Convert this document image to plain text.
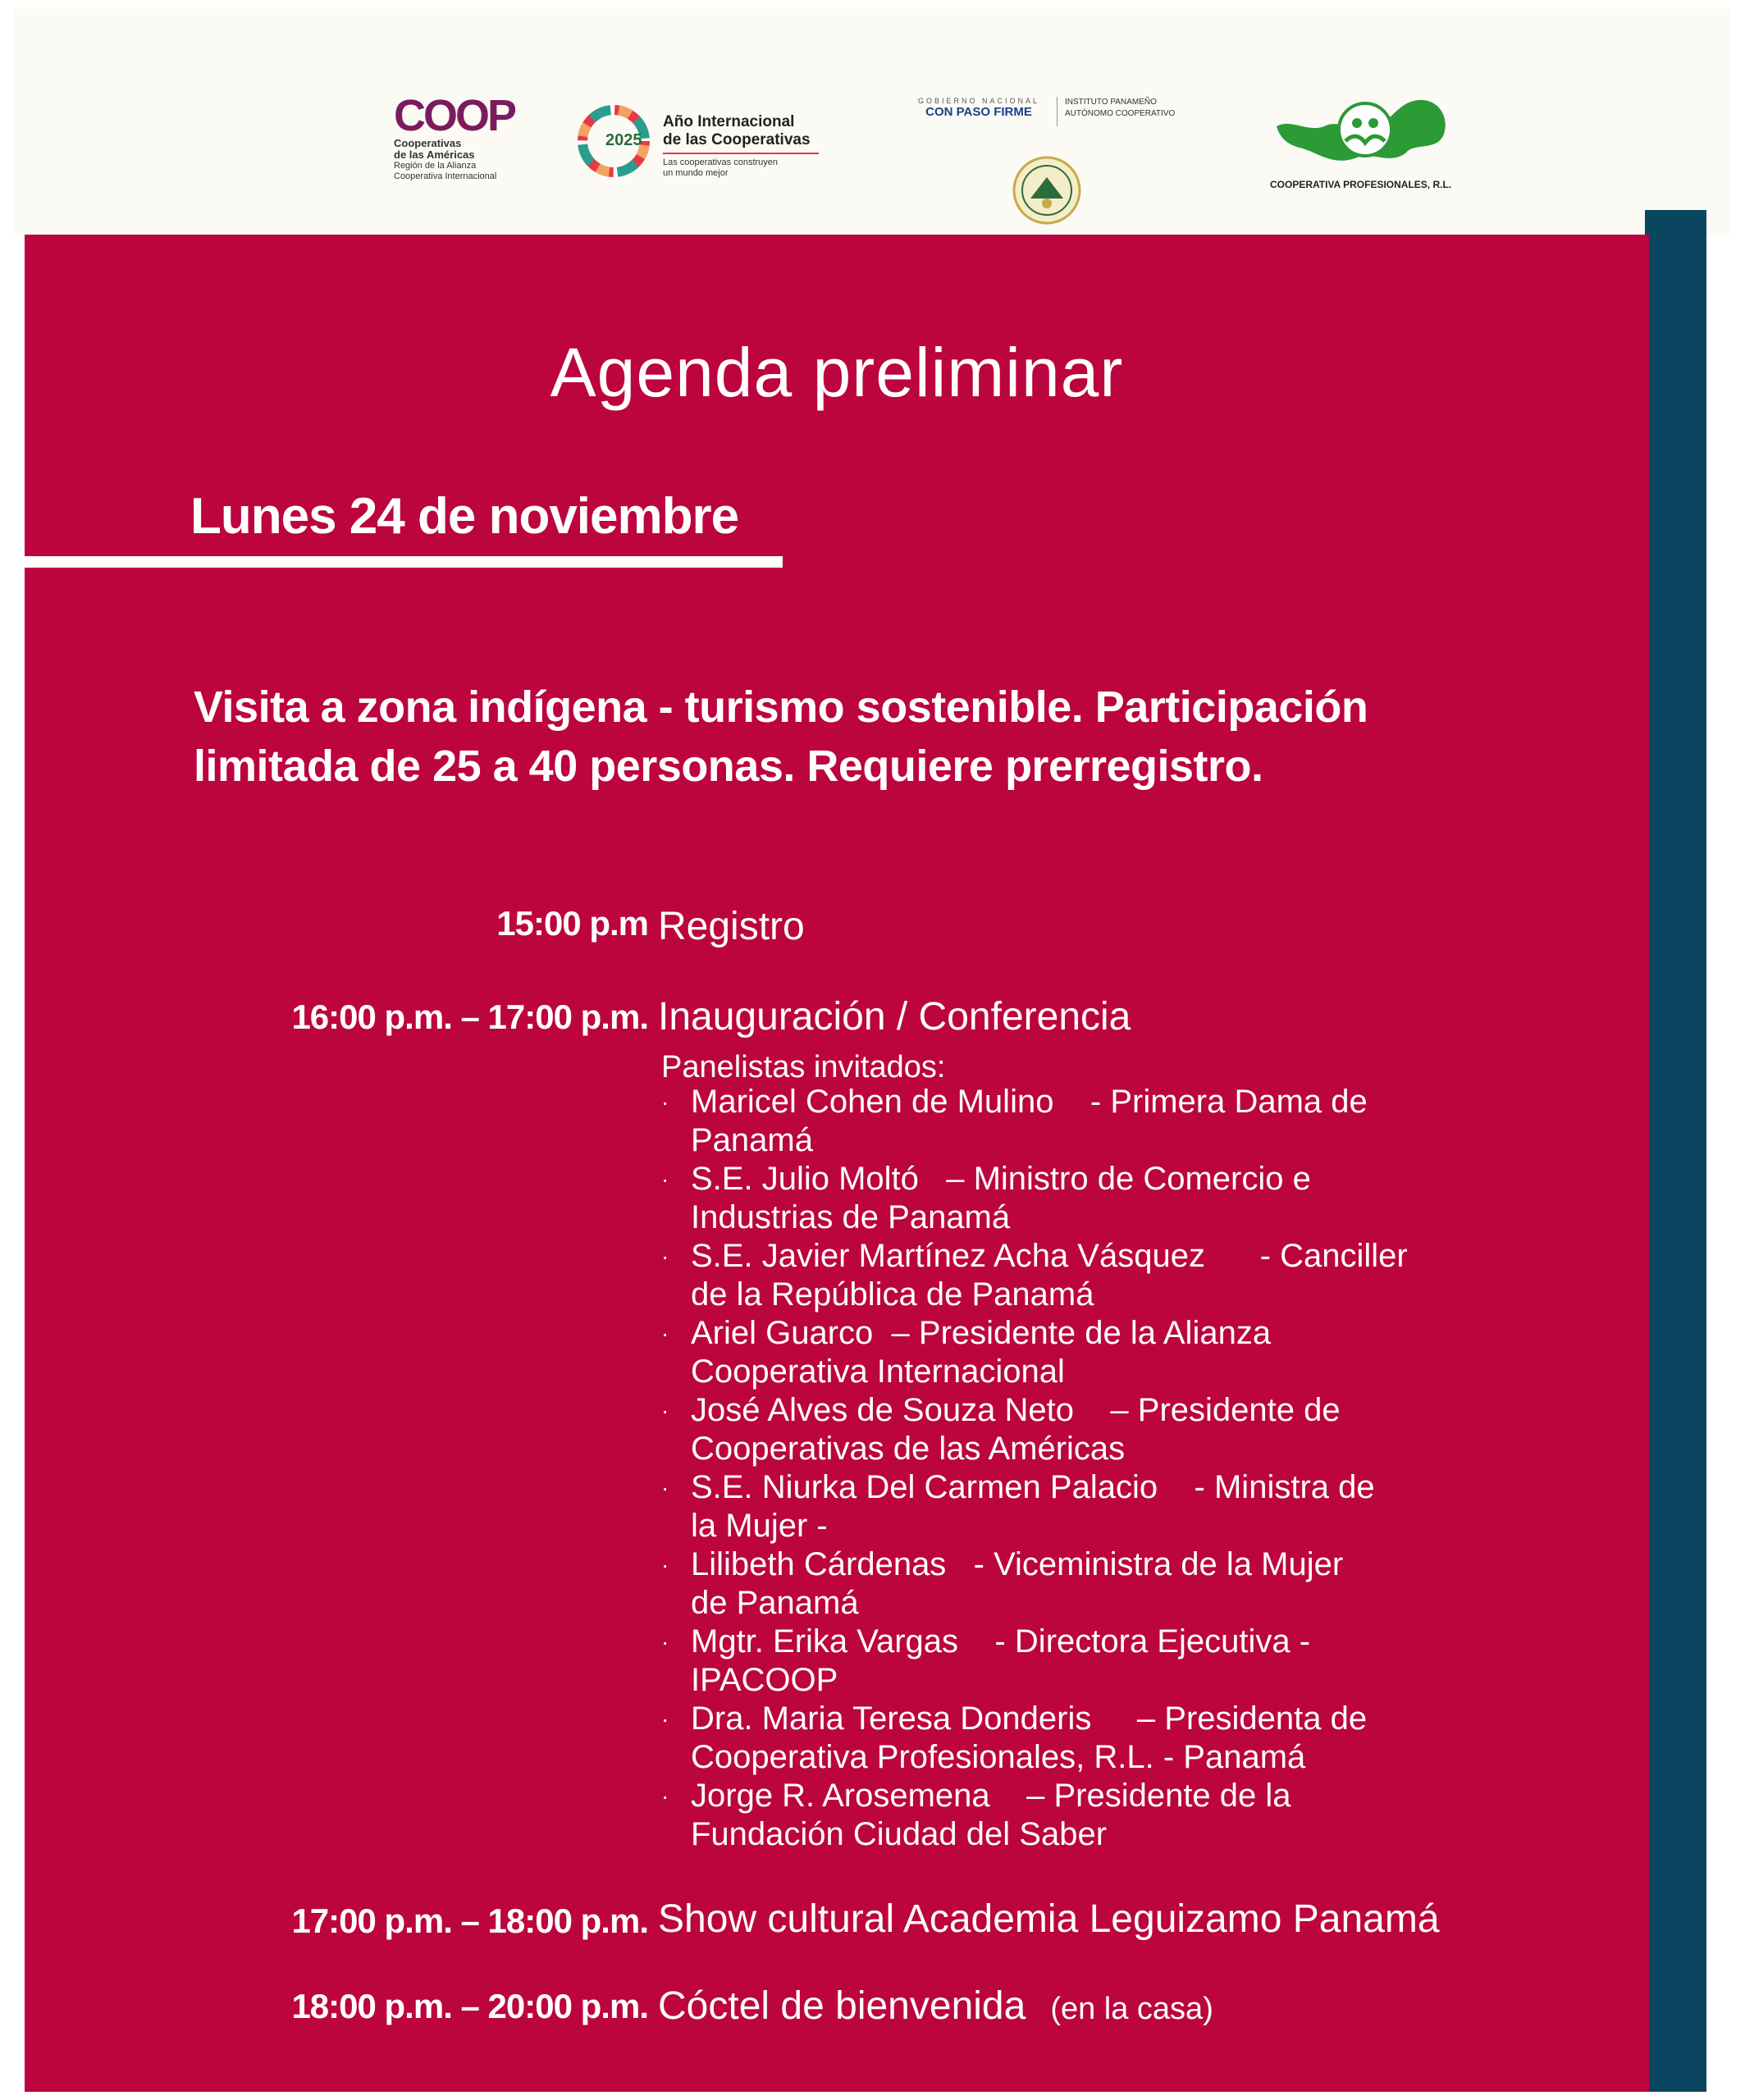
COOP
Cooperativas
de las Américas
Región de la Alianza
Cooperativa Internacional
2025
Año Internacional
de las Cooperativas
Las cooperativas construyen
un mundo mejor
GOBIERNO NACIONAL
CON PASO FIRME
INSTITUTO PANAMEÑO
AUTÓNOMO COOPERATIVO
COOPERATIVA PROFESIONALES, R.L.
Agenda preliminar
Lunes 24 de noviembre
Visita a zona indígena - turismo sostenible. Participación
limitada de 25 a 40 personas. Requiere prerregistro.
15:00 p.m Registro
16:00 p.m. – 17:00 p.m. Inauguración / Conferencia
Panelistas invitados:
· Maricel Cohen de Mulino    - Primera Dama de
Panamá
· S.E. Julio Moltó   – Ministro de Comercio e
Industrias de Panamá
· S.E. Javier Martínez Acha Vásquez      - Canciller
de la República de Panamá
· Ariel Guarco  – Presidente de la Alianza
Cooperativa Internacional
· José Alves de Souza Neto    – Presidente de
Cooperativas de las Américas
· S.E. Niurka Del Carmen Palacio    - Ministra de
la Mujer -
· Lilibeth Cárdenas   - Viceministra de la Mujer
de Panamá
· Mgtr. Erika Vargas    - Directora Ejecutiva -
IPACOOP
· Dra. Maria Teresa Donderis     – Presidenta de
Cooperativa Profesionales, R.L. - Panamá
· Jorge R. Arosemena    – Presidente de la
Fundación Ciudad del Saber
17:00 p.m. – 18:00 p.m. Show cultural Academia Leguizamo Panamá
18:00 p.m. – 20:00 p.m. Cóctel de bienvenida (en la casa)
